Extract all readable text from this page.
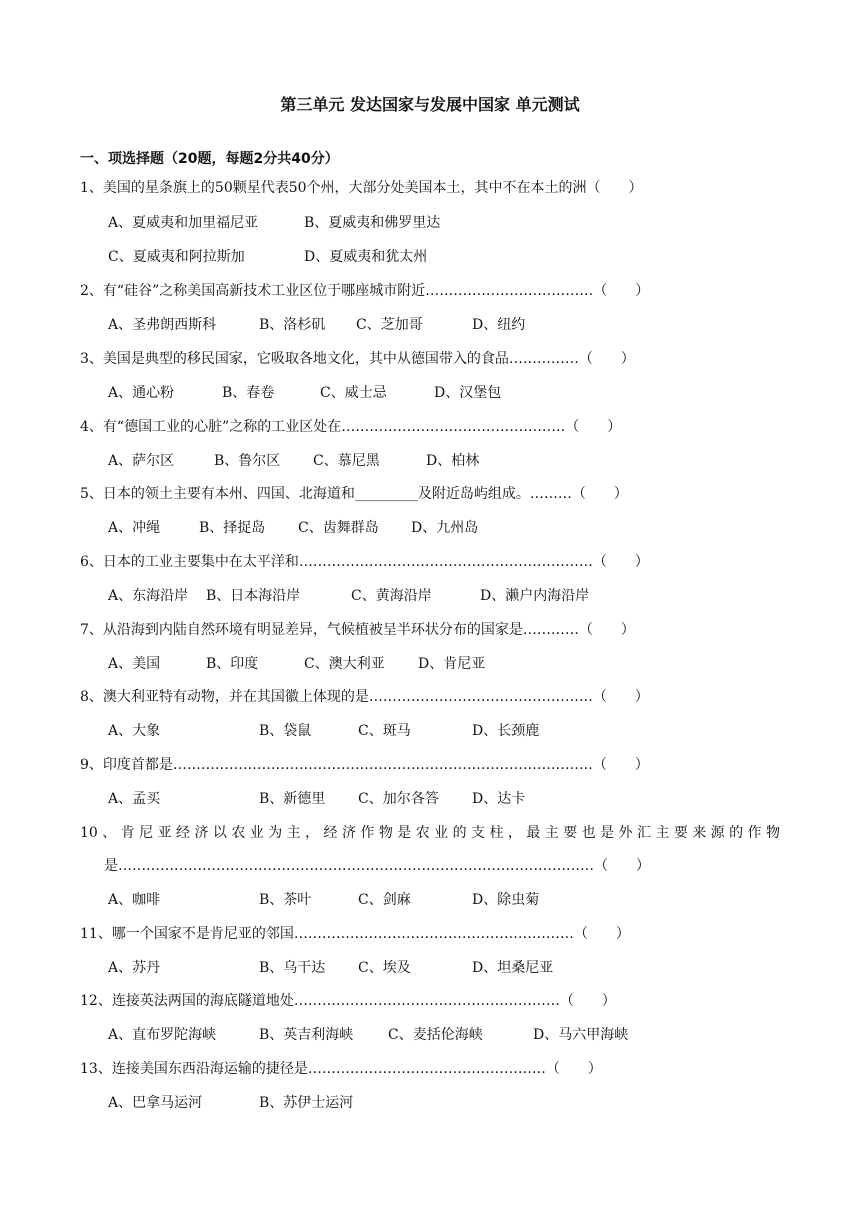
第三单元 发达国家与发展中国家 单元测试
一、项选择题（20题，每题2分共40分）
1、美国的星条旗上的50颗星代表50个州，大部分处美国本土，其中不在本土的洲（　　）
A、夏威夷和加里福尼亚	B、夏威夷和佛罗里达
C、夏威夷和阿拉斯加	D、夏威夷和犹太州
2、有“硅谷”之称美国高新技术工业区位于哪座城市附近………………………………（　　）
A、圣弗朗西斯科	B、洛杉矶 C、芝加哥	D、纽约
3、美国是典型的移民国家，它吸取各地文化，其中从德国带入的食品……………（　　）
A、通心粉	B、春卷	C、威士忌	D、汉堡包
4、有“德国工业的心脏”之称的工业区处在…………………………………………（　　）
A、萨尔区	B、鲁尔区 C、慕尼黑	D、柏林
5、日本的领土主要有本州、四国、北海道和_________及附近岛屿组成。………（　　）
A、冲绳	B、择捉岛 C、齿舞群岛 D、九州岛
6、日本的工业主要集中在太平洋和………………………………………………………（　　）
A、东海沿岸 B、日本海沿岸	C、黄海沿岸	D、濑户内海沿岸
7、从沿海到内陆自然环境有明显差异，气候植被呈半环状分布的国家是…………（　　）
A、美国	B、印度	C、澳大利亚 D、肯尼亚
8、澳大利亚特有动物，并在其国徽上体现的是…………………………………………（　　）
A、大象	B、袋鼠	C、斑马	D、长颈鹿
9、印度首都是………………………………………………………………………………（　　）
A、孟买	B、新德里 C、加尔各答 D、达卡
10、肯尼亚经济以农业为主，经济作物是农业的支柱，最主要也是外汇主要来源的作物
是…………………………………………………………………………………………（　　）
A、咖啡	B、茶叶	C、剑麻	D、除虫菊
11、哪一个国家不是肯尼亚的邻国……………………………………………………（　　）
A、苏丹	B、乌干达 C、埃及	D、坦桑尼亚
12、连接英法两国的海底隧道地处…………………………………………………（　　）
A、直布罗陀海峡	B、英吉利海峡 C、麦括伦海峡	D、马六甲海峡
13、连接美国东西沿海运输的捷径是……………………………………………（　　）
A、巴拿马运河	B、苏伊士运河
